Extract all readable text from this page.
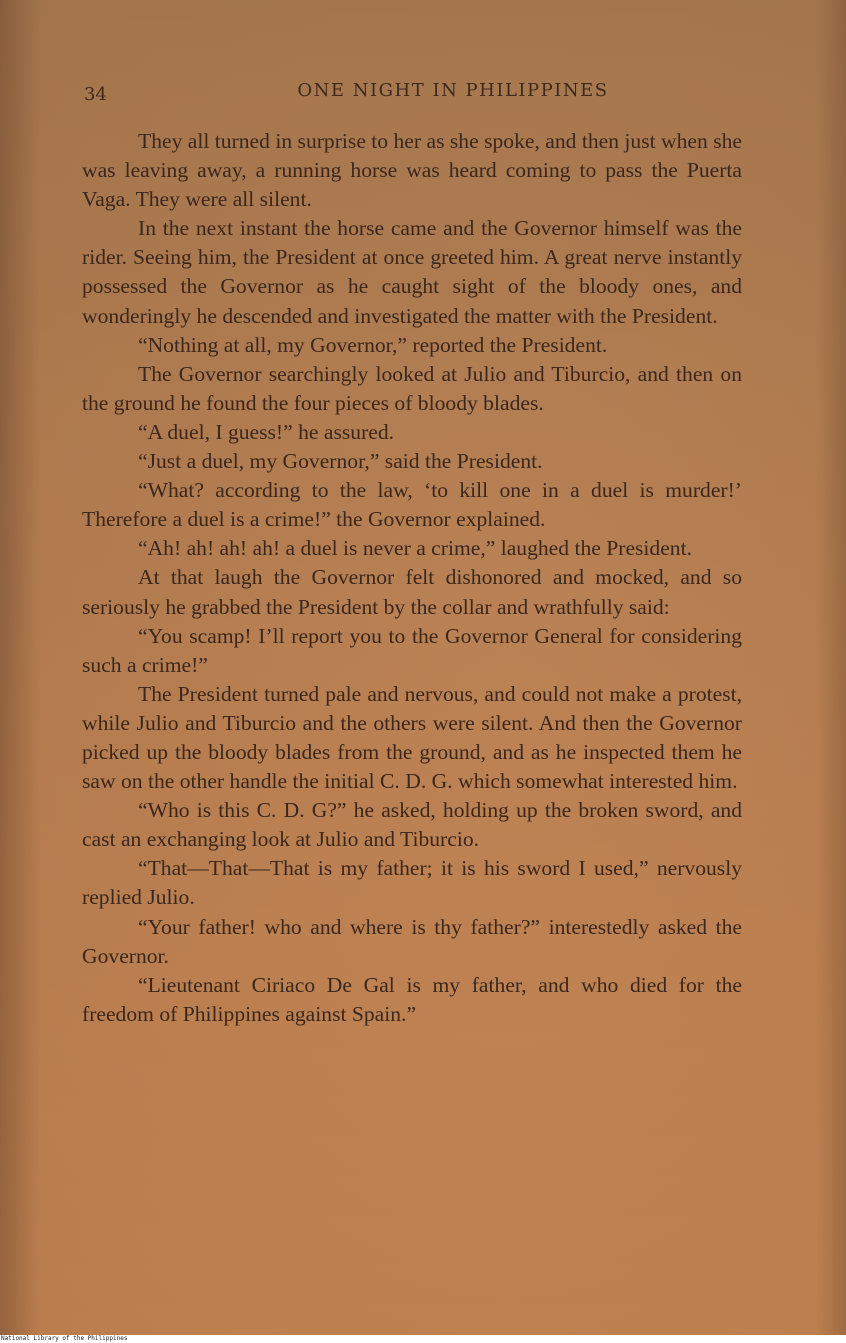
34	ONE NIGHT IN PHILIPPINES

They all turned in surprise to her as she spoke, and then just when she was leaving away, a running horse was heard coming to pass the Puerta Vaga. They were all silent.

In the next instant the horse came and the Governor himself was the rider. Seeing him, the President at once greeted him. A great nerve instantly possessed the Governor as he caught sight of the bloody ones, and wonderingly he descended and investigated the matter with the President.

“Nothing at all, my Governor,” reported the President.

The Governor searchingly looked at Julio and Tiburcio, and then on the ground he found the four pieces of bloody blades.

“A duel, I guess!” he assured.

“Just a duel, my Governor,” said the President.

“What? according to the law, ‘to kill one in a duel is murder!’ Therefore a duel is a crime!” the Governor explained.

“Ah! ah! ah! ah! a duel is never a crime,” laughed the President.

At that laugh the Governor felt dishonored and mocked, and so seriously he grabbed the President by the collar and wrathfully said:

“You scamp! I’ll report you to the Governor General for considering such a crime!”

The President turned pale and nervous, and could not make a protest, while Julio and Tiburcio and the others were silent. And then the Governor picked up the bloody blades from the ground, and as he inspected them he saw on the other handle the initial C. D. G. which somewhat interested him.

“Who is this C. D. G?” he asked, holding up the broken sword, and cast an exchanging look at Julio and Tiburcio.

“That—That—That is my father; it is his sword I used,” nervously replied Julio.

“Your father! who and where is thy father?” interestedly asked the Governor.

“Lieutenant Ciriaco De Gal is my father, and who died for the freedom of Philippines against Spain.”

National Library of the Philippines
